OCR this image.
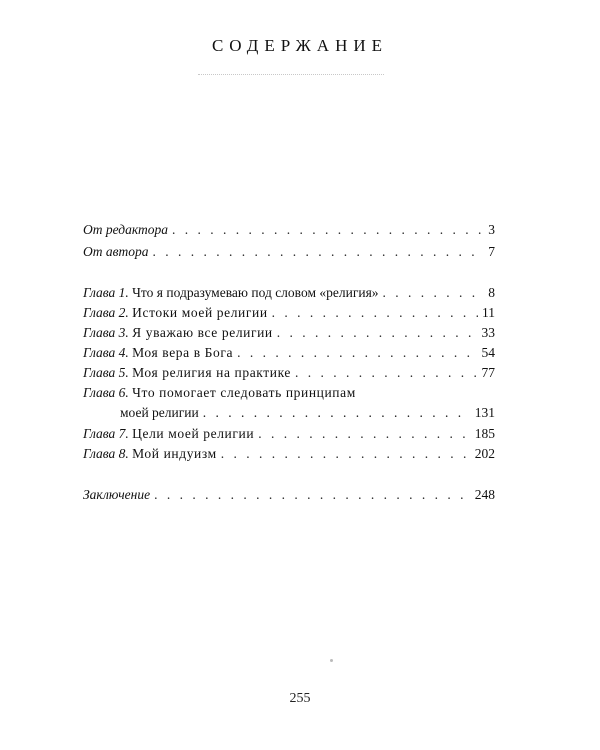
СОДЕРЖАНИЕ
От редактора . . .	3
От автора . . .	7
Глава 1. Что я подразумеваю под словом «религия» . . .	8
Глава 2. Истоки моей религии . . .	11
Глава 3. Я уважаю все религии . . .	33
Глава 4. Моя вера в Бога . . .	54
Глава 5. Моя религия на практике . . .	77
Глава 6. Что помогает следовать принципам
моей религии . . .	131
Глава 7. Цели моей религии . . .	185
Глава 8. Мой индуизм . . .	202
Заключение . . .	248
255
